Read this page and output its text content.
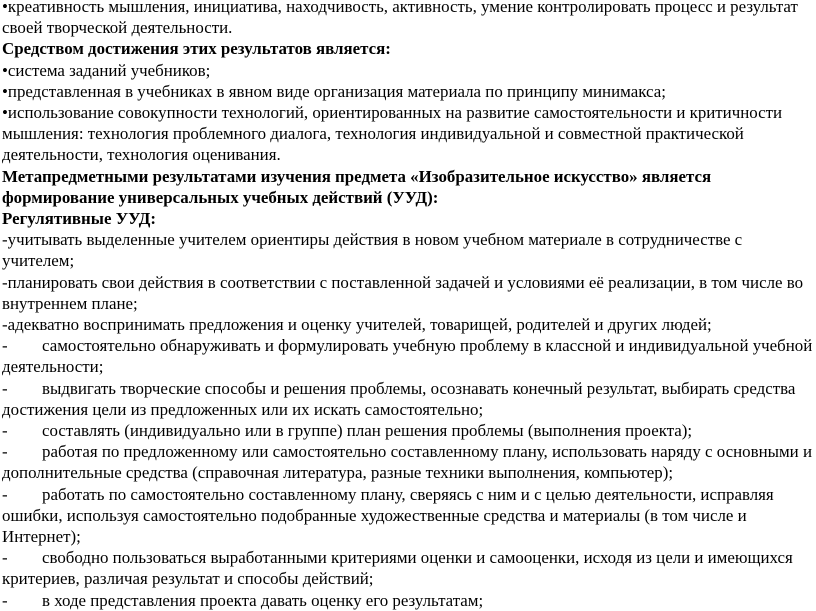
•креативность мышления, инициатива, находчивость, активность, умение контролировать процесс и результат своей творческой деятельности.

Средством достижения этих результатов является:

•система заданий учебников;

•представленная в учебниках в явном виде организация материала по принципу минимакса;

•использование совокупности технологий, ориентированных на развитие самостоятельности и критичности мышления: технология проблемного диалога, технология индивидуальной и совместной практической деятельности, технология оценивания.

Метапредметными результатами изучения предмета «Изобразительное искусство» является формирование универсальных учебных действий (УУД):

Регулятивные УУД:

-учитывать выделенные учителем ориентиры действия в новом учебном материале в сотрудничестве с учителем;

-планировать свои действия в соответствии с поставленной задачей и условиями её реализации, в том числе во внутреннем плане;

-адекватно воспринимать предложения и оценку учителей, товарищей, родителей и других людей;

- самостоятельно обнаруживать и формулировать учебную проблему в классной и индивидуальной учебной деятельности;

- выдвигать творческие способы и решения проблемы, осознавать конечный результат, выбирать средства достижения цели из предложенных или их искать самостоятельно;

- составлять (индивидуально или в группе) план решения проблемы (выполнения проекта);

- работая по предложенному или самостоятельно составленному плану, использовать наряду с основными и дополнительные средства (справочная литература, разные техники выполнения, компьютер);

- работать по самостоятельно составленному плану, сверяясь с ним и с целью деятельности, исправляя ошибки, используя самостоятельно подобранные художественные средства и материалы (в том числе и Интернет);

- свободно пользоваться выработанными критериями оценки и самооценки, исходя из цели и имеющихся критериев, различая результат и способы действий;

- в ходе представления проекта давать оценку его результатам;
